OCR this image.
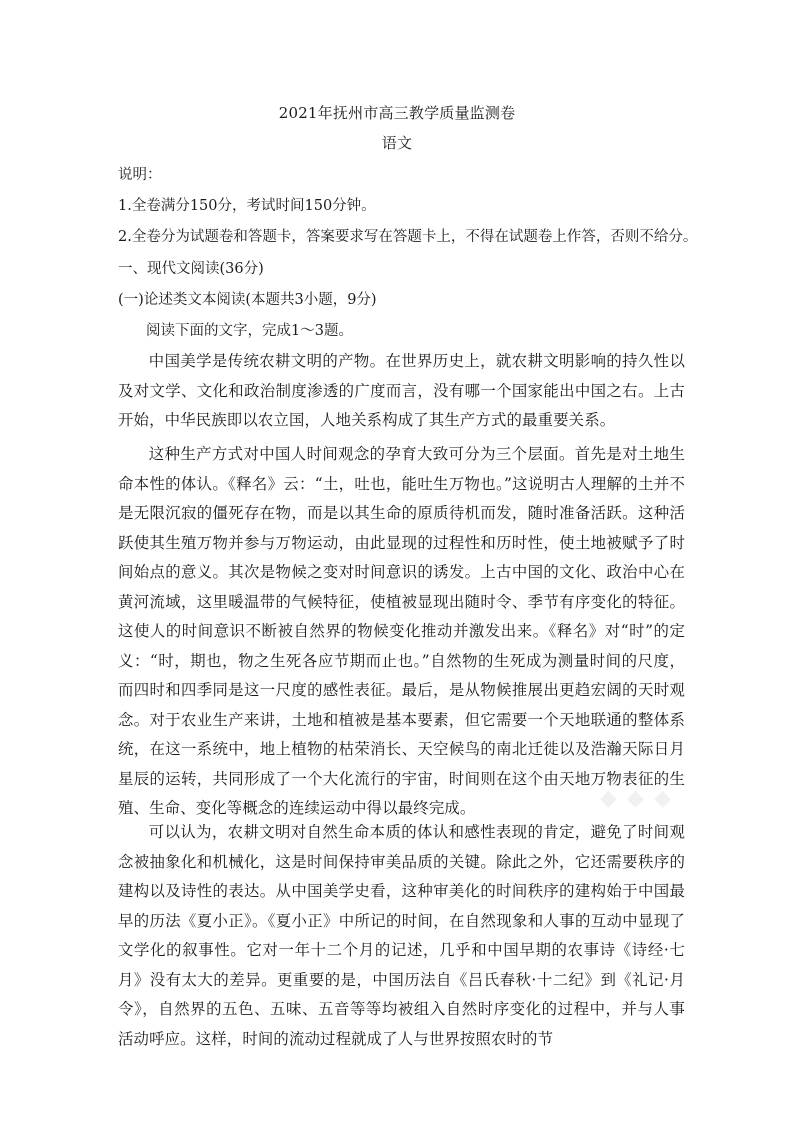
2021年抚州市高三教学质量监测卷
语文
说明：
1.全卷满分150分，考试时间150分钟。
2.全卷分为试题卷和答题卡，答案要求写在答题卡上，不得在试题卷上作答，否则不给分。
一、现代文阅读(36分)
(一)论述类文本阅读(本题共3小题，9分)
阅读下面的文字，完成1～3题。

中国美学是传统农耕文明的产物。在世界历史上，就农耕文明影响的持久性以及对文学、文化和政治制度渗透的广度而言，没有哪一个国家能出中国之右。上古开始，中华民族即以农立国，人地关系构成了其生产方式的最重要关系。

这种生产方式对中国人时间观念的孕育大致可分为三个层面。首先是对土地生命本性的体认。《释名》云：“土，吐也，能吐生万物也。”这说明古人理解的土并不是无限沉寂的僵死存在物，而是以其生命的原质待机而发，随时准备活跃。这种活跃使其生殖万物并参与万物运动，由此显现的过程性和历时性，使土地被赋予了时间始点的意义。其次是物候之变对时间意识的诱发。上古中国的文化、政治中心在黄河流域，这里暖温带的气候特征，使植被显现出随时令、季节有序变化的特征。这使人的时间意识不断被自然界的物候变化推动并激发出来。《释名》对“时”的定义：“时，期也，物之生死各应节期而止也。”自然物的生死成为测量时间的尺度，而四时和四季同是这一尺度的感性表征。最后，是从物候推展出更趋宏阔的天时观念。对于农业生产来讲，土地和植被是基本要素，但它需要一个天地联通的整体系统，在这一系统中，地上植物的枯荣消长、天空候鸟的南北迁徙以及浩瀚天际日月星辰的运转，共同形成了一个大化流行的宇宙，时间则在这个由天地万物表征的生殖、生命、变化等概念的连续运动中得以最终完成。

可以认为，农耕文明对自然生命本质的体认和感性表现的肯定，避免了时间观念被抽象化和机械化，这是时间保持审美品质的关键。除此之外，它还需要秩序的建构以及诗性的表达。从中国美学史看，这种审美化的时间秩序的建构始于中国最早的历法《夏小正》。《夏小正》中所记的时间，在自然现象和人事的互动中显现了文学化的叙事性。它对一年十二个月的记述，几乎和中国早期的农事诗《诗经·七月》没有太大的差异。更重要的是，中国历法自《吕氏春秋·十二纪》到《礼记·月令》，自然界的五色、五味、五音等等均被组入自然时序变化的过程中，并与人事活动呼应。这样，时间的流动过程就成了人与世界按照农时的节

◆ ◆ ◆
